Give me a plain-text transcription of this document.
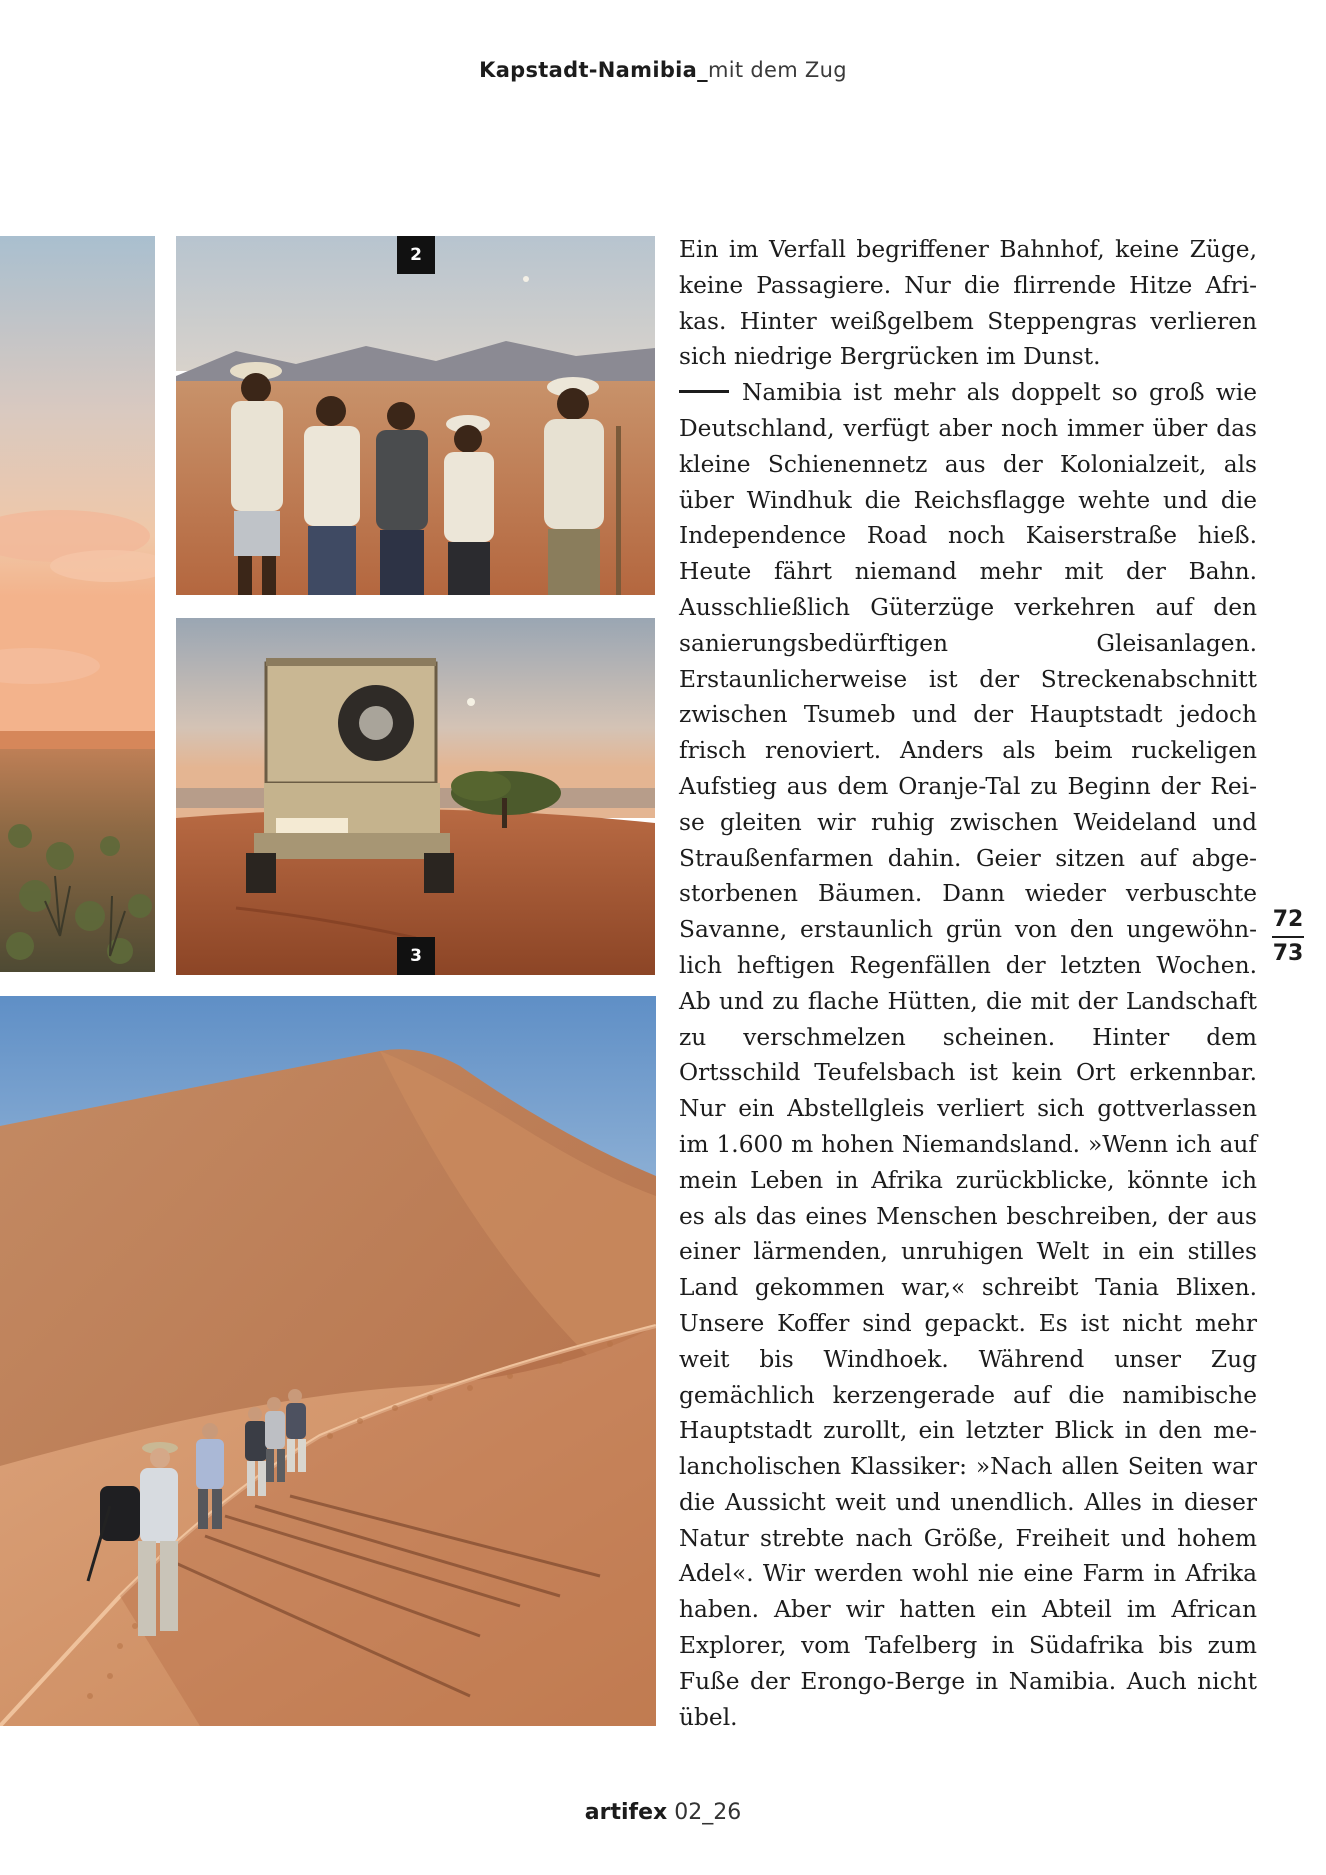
Kapstadt-Namibia_mit dem Zug
2
3

Ein im Verfall begriffener Bahnhof, keine Züge, keine Passagiere. Nur die flirrende Hitze Afrikas. Hinter weißgelbem Steppengras verlieren sich niedrige Bergrücken im Dunst.

Namibia ist mehr als doppelt so groß wie Deutschland, verfügt aber noch immer über das kleine Schienennetz aus der Kolonialzeit, als über Windhuk die Reichsflagge wehte und die Independence Road noch Kaiserstraße hieß. Heute fährt niemand mehr mit der Bahn. Ausschließlich Güterzüge verkehren auf den sanierungsbedürftigen Gleisanlagen. Erstaunlicherweise ist der Streckenabschnitt zwischen Tsumeb und der Hauptstadt jedoch frisch renoviert. Anders als beim ruckeligen Aufstieg aus dem Oranje-Tal zu Beginn der Reise gleiten wir ruhig zwischen Weideland und Straußenfarmen dahin. Geier sitzen auf abgestorbenen Bäumen. Dann wieder verbuschte Savanne, erstaunlich grün von den ungewöhnlich heftigen Regenfällen der letzten Wochen. Ab und zu flache Hütten, die mit der Landschaft zu verschmelzen scheinen. Hinter dem Ortsschild Teufelsbach ist kein Ort erkennbar. Nur ein Abstellgleis verliert sich gottverlassen im 1.600 m hohen Niemandsland. »Wenn ich auf mein Leben in Afrika zurückblicke, könnte ich es als das eines Menschen beschreiben, der aus einer lärmenden, unruhigen Welt in ein stilles Land gekommen war,« schreibt Tania Blixen. Unsere Koffer sind gepackt. Es ist nicht mehr weit bis Windhoek. Während unser Zug gemächlich kerzengerade auf die namibische Hauptstadt zurollt, ein letzter Blick in den melancholischen Klassiker: »Nach allen Seiten war die Aussicht weit und unendlich. Alles in dieser Natur strebte nach Größe, Freiheit und hohem Adel«. Wir werden wohl nie eine Farm in Afrika haben. Aber wir hatten ein Abteil im African Explorer, vom Tafelberg in Südafrika bis zum Fuße der Erongo-Berge in Namibia. Auch nicht übel.

72
73
artifex 02_26
